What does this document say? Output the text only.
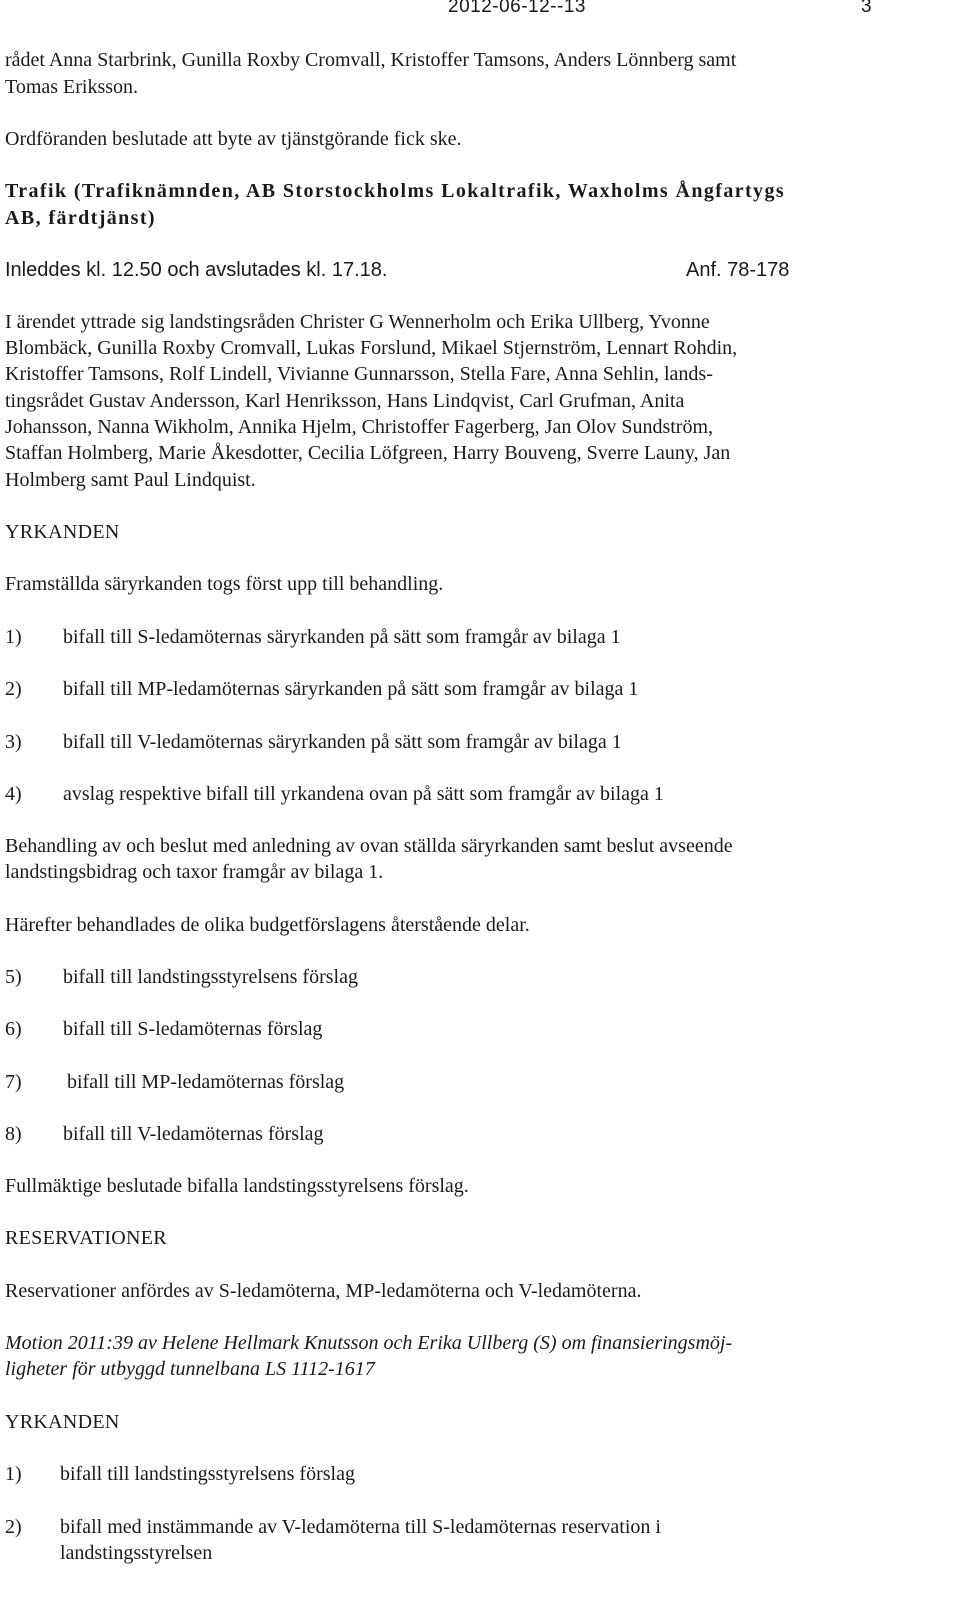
2012-06-12--13	3
rådet Anna Starbrink, Gunilla Roxby Cromvall, Kristoffer Tamsons, Anders Lönnberg samt
Tomas Eriksson.
Ordföranden beslutade att byte av tjänstgörande fick ske.
Trafik (Trafiknämnden, AB Storstockholms Lokaltrafik, Waxholms Ångfartygs
AB, färdtjänst)
Inleddes kl. 12.50 och avslutades kl. 17.18.	Anf. 78-178
I ärendet yttrade sig landstingsråden Christer G Wennerholm och Erika Ullberg, Yvonne
Blombäck, Gunilla Roxby Cromvall, Lukas Forslund, Mikael Stjernström, Lennart Rohdin,
Kristoffer Tamsons, Rolf Lindell, Vivianne Gunnarsson, Stella Fare, Anna Sehlin, lands-
tingsrådet Gustav Andersson, Karl Henriksson, Hans Lindqvist, Carl Grufman, Anita
Johansson, Nanna Wikholm, Annika Hjelm, Christoffer Fagerberg, Jan Olov Sundström,
Staffan Holmberg, Marie Åkesdotter, Cecilia Löfgreen, Harry Bouveng, Sverre Launy, Jan
Holmberg samt Paul Lindquist.
YRKANDEN
Framställda säryrkanden togs först upp till behandling.
1) bifall till S-ledamöternas säryrkanden på sätt som framgår av bilaga 1
2) bifall till MP-ledamöternas säryrkanden på sätt som framgår av bilaga 1
3) bifall till V-ledamöternas säryrkanden på sätt som framgår av bilaga 1
4) avslag respektive bifall till yrkandena ovan på sätt som framgår av bilaga 1
Behandling av och beslut med anledning av ovan ställda säryrkanden samt beslut avseende
landstingsbidrag och taxor framgår av bilaga 1.
Härefter behandlades de olika budgetförslagens återstående delar.
5) bifall till landstingsstyrelsens förslag
6) bifall till S-ledamöternas förslag
7) bifall till MP-ledamöternas förslag
8) bifall till V-ledamöternas förslag
Fullmäktige beslutade bifalla landstingsstyrelsens förslag.
RESERVATIONER
Reservationer anfördes av S-ledamöterna, MP-ledamöterna och V-ledamöterna.
Motion 2011:39 av Helene Hellmark Knutsson och Erika Ullberg (S) om finansieringsmöj-
ligheter för utbyggd tunnelbana LS 1112-1617
YRKANDEN
1) bifall till landstingsstyrelsens förslag
2) bifall med instämmande av V-ledamöterna till S-ledamöternas reservation i
landstingsstyrelsen
